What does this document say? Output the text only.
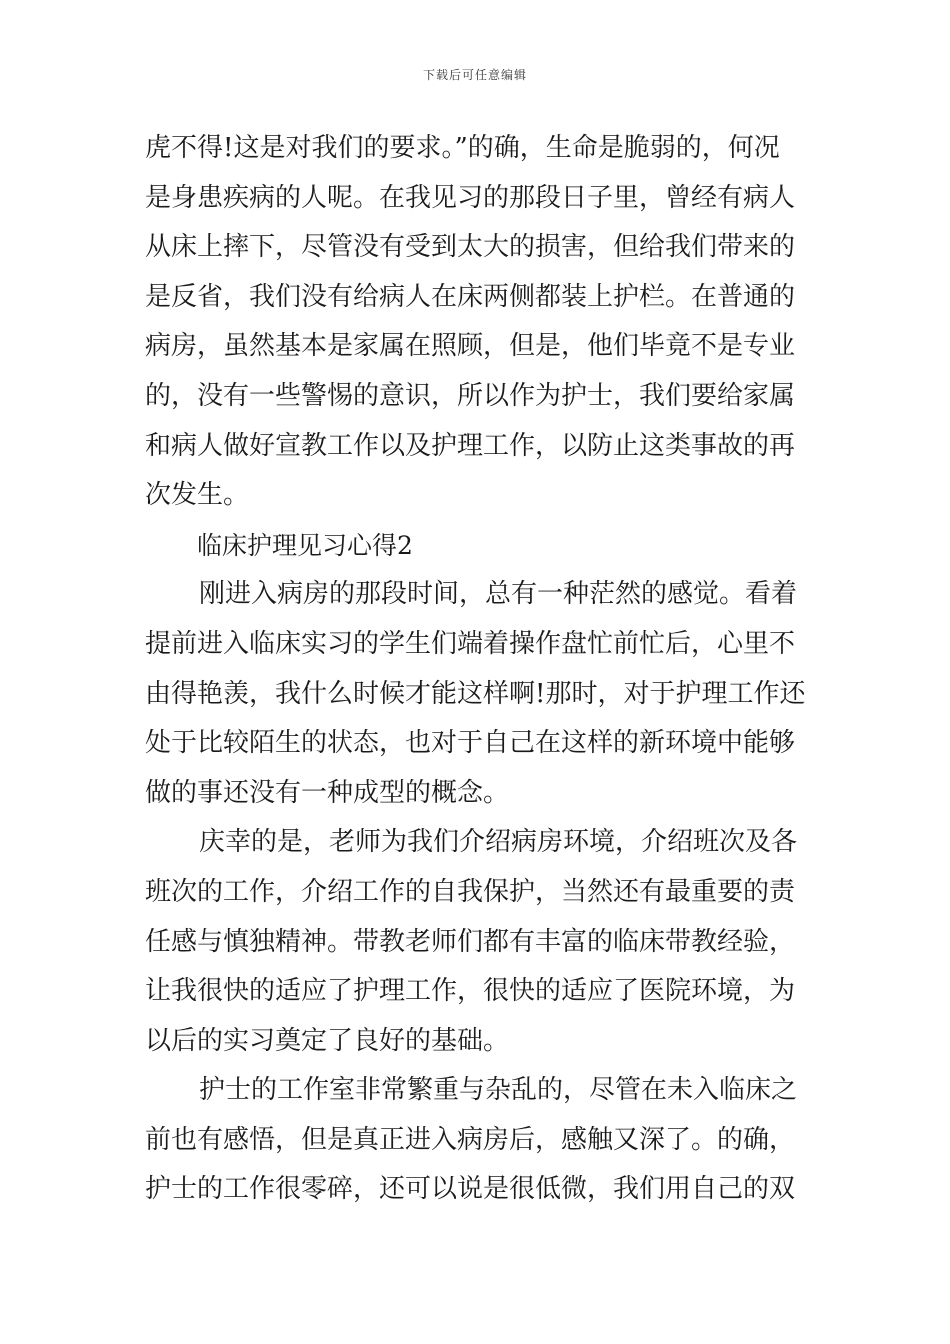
下载后可任意编辑
虎不得!这是对我们的要求。”的确，生命是脆弱的，何况
是身患疾病的人呢。在我见习的那段日子里，曾经有病人
从床上摔下，尽管没有受到太大的损害，但给我们带来的
是反省，我们没有给病人在床两侧都装上护栏。在普通的
病房，虽然基本是家属在照顾，但是，他们毕竟不是专业
的，没有一些警惕的意识，所以作为护士，我们要给家属
和病人做好宣教工作以及护理工作，以防止这类事故的再
次发生。
临床护理见习心得2
刚进入病房的那段时间，总有一种茫然的感觉。看着
提前进入临床实习的学生们端着操作盘忙前忙后，心里不
由得艳羡，我什么时候才能这样啊!那时，对于护理工作还
处于比较陌生的状态，也对于自己在这样的新环境中能够
做的事还没有一种成型的概念。
庆幸的是，老师为我们介绍病房环境，介绍班次及各
班次的工作，介绍工作的自我保护，当然还有最重要的责
任感与慎独精神。带教老师们都有丰富的临床带教经验，
让我很快的适应了护理工作，很快的适应了医院环境，为
以后的实习奠定了良好的基础。
护士的工作室非常繁重与杂乱的，尽管在未入临床之
前也有感悟，但是真正进入病房后，感触又深了。的确，
护士的工作很零碎，还可以说是很低微，我们用自己的双
